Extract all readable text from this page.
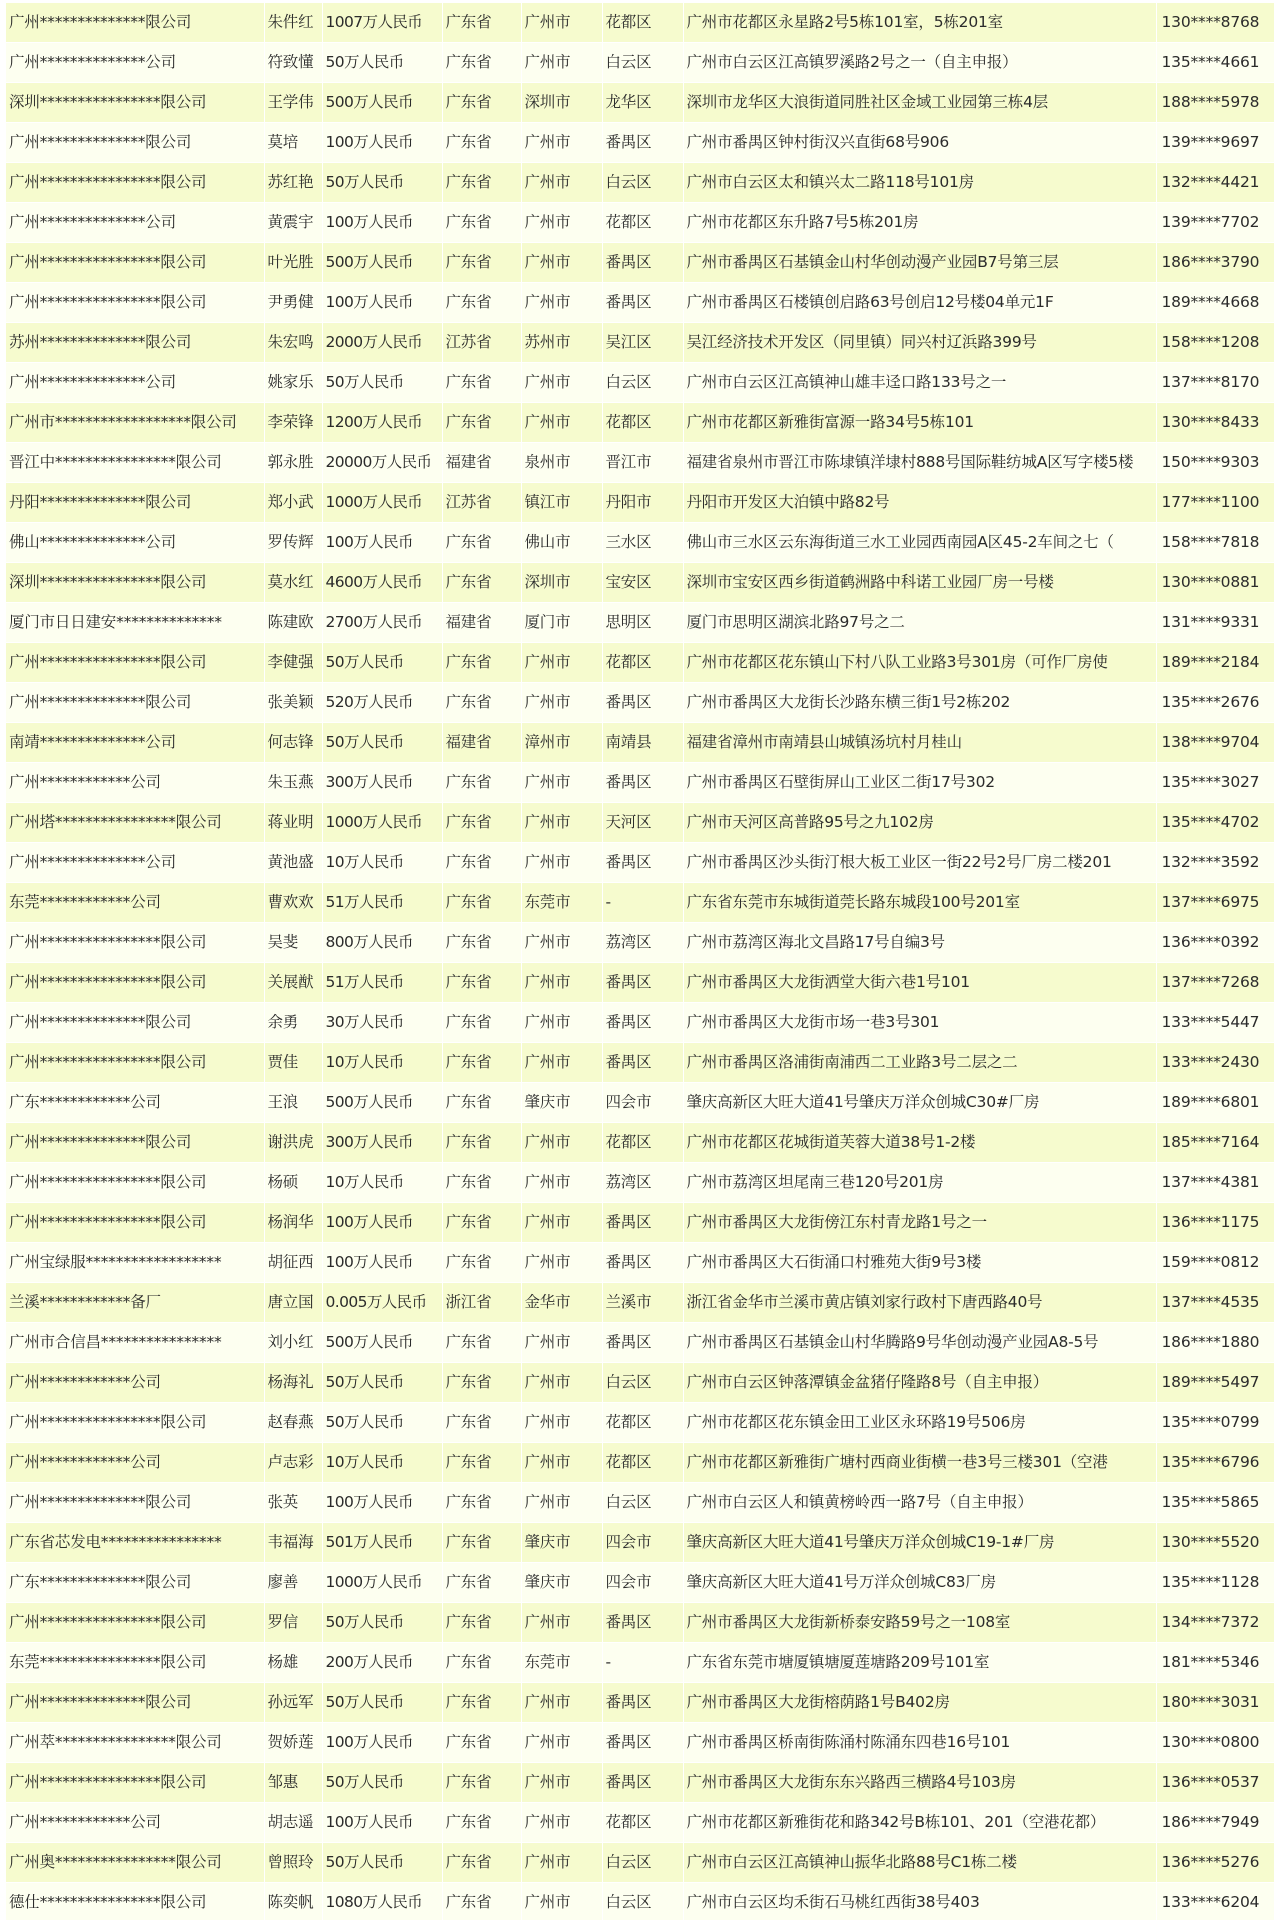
广州**************限公司	朱件红	1007万人民币	广东省	广州市	花都区	广州市花都区永星路2号5栋101室，5栋201室	130****8768
广州**************公司	符致懂	50万人民币	广东省	广州市	白云区	广州市白云区江高镇罗溪路2号之一（自主申报）	135****4661
深圳****************限公司	王学伟	500万人民币	广东省	深圳市	龙华区	深圳市龙华区大浪街道同胜社区金域工业园第三栋4层	188****5978
广州**************限公司	莫培	100万人民币	广东省	广州市	番禺区	广州市番禺区钟村街汉兴直街68号906	139****9697
广州****************限公司	苏红艳	50万人民币	广东省	广州市	白云区	广州市白云区太和镇兴太二路118号101房	132****4421
广州**************公司	黄震宇	100万人民币	广东省	广州市	花都区	广州市花都区东升路7号5栋201房	139****7702
广州****************限公司	叶光胜	500万人民币	广东省	广州市	番禺区	广州市番禺区石基镇金山村华创动漫产业园B7号第三层	186****3790
广州****************限公司	尹勇健	100万人民币	广东省	广州市	番禺区	广州市番禺区石楼镇创启路63号创启12号楼04单元1F	189****4668
苏州**************限公司	朱宏鸣	2000万人民币	江苏省	苏州市	吴江区	吴江经济技术开发区（同里镇）同兴村辽浜路399号	158****1208
广州**************公司	姚家乐	50万人民币	广东省	广州市	白云区	广州市白云区江高镇神山雄丰迳口路133号之一	137****8170
广州市******************限公司	李荣锋	1200万人民币	广东省	广州市	花都区	广州市花都区新雅街富源一路34号5栋101	130****8433
晋江中****************限公司	郭永胜	20000万人民币	福建省	泉州市	晋江市	福建省泉州市晋江市陈埭镇洋埭村888号国际鞋纺城A区写字楼5楼	150****9303
丹阳**************限公司	郑小武	1000万人民币	江苏省	镇江市	丹阳市	丹阳市开发区大泊镇中路82号	177****1100
佛山**************公司	罗传辉	100万人民币	广东省	佛山市	三水区	佛山市三水区云东海街道三水工业园西南园A区45-2车间之七（	158****7818
深圳****************限公司	莫水红	4600万人民币	广东省	深圳市	宝安区	深圳市宝安区西乡街道鹤洲路中科诺工业园厂房一号楼	130****0881
厦门市日日建安**************	陈建欧	2700万人民币	福建省	厦门市	思明区	厦门市思明区湖滨北路97号之二	131****9331
广州****************限公司	李健强	50万人民币	广东省	广州市	花都区	广州市花都区花东镇山下村八队工业路3号301房（可作厂房使	189****2184
广州**************限公司	张美颖	520万人民币	广东省	广州市	番禺区	广州市番禺区大龙街长沙路东横三街1号2栋202	135****2676
南靖**************公司	何志锋	50万人民币	福建省	漳州市	南靖县	福建省漳州市南靖县山城镇汤坑村月桂山	138****9704
广州************公司	朱玉燕	300万人民币	广东省	广州市	番禺区	广州市番禺区石壁街屏山工业区二街17号302	135****3027
广州塔****************限公司	蒋业明	1000万人民币	广东省	广州市	天河区	广州市天河区高普路95号之九102房	135****4702
广州**************公司	黄池盛	10万人民币	广东省	广州市	番禺区	广州市番禺区沙头街汀根大板工业区一街22号2号厂房二楼201	132****3592
东莞************公司	曹欢欢	51万人民币	广东省	东莞市	-	广东省东莞市东城街道莞长路东城段100号201室	137****6975
广州****************限公司	吴斐	800万人民币	广东省	广州市	荔湾区	广州市荔湾区海北文昌路17号自编3号	136****0392
广州****************限公司	关展猷	51万人民币	广东省	广州市	番禺区	广州市番禺区大龙街洒堂大街六巷1号101	137****7268
广州**************限公司	余勇	30万人民币	广东省	广州市	番禺区	广州市番禺区大龙街市场一巷3号301	133****5447
广州****************限公司	贾佳	10万人民币	广东省	广州市	番禺区	广州市番禺区洛浦街南浦西二工业路3号二层之二	133****2430
广东************公司	王浪	500万人民币	广东省	肇庆市	四会市	肇庆高新区大旺大道41号肇庆万洋众创城C30#厂房	189****6801
广州**************限公司	谢洪虎	300万人民币	广东省	广州市	花都区	广州市花都区花城街道芙蓉大道38号1-2楼	185****7164
广州****************限公司	杨硕	10万人民币	广东省	广州市	荔湾区	广州市荔湾区坦尾南三巷120号201房	137****4381
广州****************限公司	杨润华	100万人民币	广东省	广州市	番禺区	广州市番禺区大龙街傍江东村青龙路1号之一	136****1175
广州宝绿服******************	胡征西	100万人民币	广东省	广州市	番禺区	广州市番禺区大石街涌口村雅苑大街9号3楼	159****0812
兰溪************备厂	唐立国	0.005万人民币	浙江省	金华市	兰溪市	浙江省金华市兰溪市黄店镇刘家行政村下唐西路40号	137****4535
广州市合信昌****************	刘小红	500万人民币	广东省	广州市	番禺区	广州市番禺区石基镇金山村华腾路9号华创动漫产业园A8-5号	186****1880
广州************公司	杨海礼	50万人民币	广东省	广州市	白云区	广州市白云区钟落潭镇金盆猪仔隆路8号（自主申报）	189****5497
广州****************限公司	赵春燕	50万人民币	广东省	广州市	花都区	广州市花都区花东镇金田工业区永环路19号506房	135****0799
广州************公司	卢志彩	10万人民币	广东省	广州市	花都区	广州市花都区新雅街广塘村西商业街横一巷3号三楼301（空港	135****6796
广州**************限公司	张英	100万人民币	广东省	广州市	白云区	广州市白云区人和镇黄榜岭西一路7号（自主申报）	135****5865
广东省芯发电****************	韦福海	501万人民币	广东省	肇庆市	四会市	肇庆高新区大旺大道41号肇庆万洋众创城C19-1#厂房	130****5520
广东**************限公司	廖善	1000万人民币	广东省	肇庆市	四会市	肇庆高新区大旺大道41号万洋众创城C83厂房	135****1128
广州****************限公司	罗信	50万人民币	广东省	广州市	番禺区	广州市番禺区大龙街新桥泰安路59号之一108室	134****7372
东莞****************限公司	杨雄	200万人民币	广东省	东莞市	-	广东省东莞市塘厦镇塘厦莲塘路209号101室	181****5346
广州**************限公司	孙远军	50万人民币	广东省	广州市	番禺区	广州市番禺区大龙街榕荫路1号B402房	180****3031
广州萃****************限公司	贺娇莲	100万人民币	广东省	广州市	番禺区	广州市番禺区桥南街陈涌村陈涌东四巷16号101	130****0800
广州****************限公司	邹惠	50万人民币	广东省	广州市	番禺区	广州市番禺区大龙街东东兴路西三横路4号103房	136****0537
广州************公司	胡志遥	100万人民币	广东省	广州市	花都区	广州市花都区新雅街花和路342号B栋101、201（空港花都）	186****7949
广州奥****************限公司	曾照玲	50万人民币	广东省	广州市	白云区	广州市白云区江高镇神山振华北路88号C1栋二楼	136****5276
德仕****************限公司	陈奕帆	1080万人民币	广东省	广州市	白云区	广州市白云区均禾街石马桃红西街38号403	133****6204
